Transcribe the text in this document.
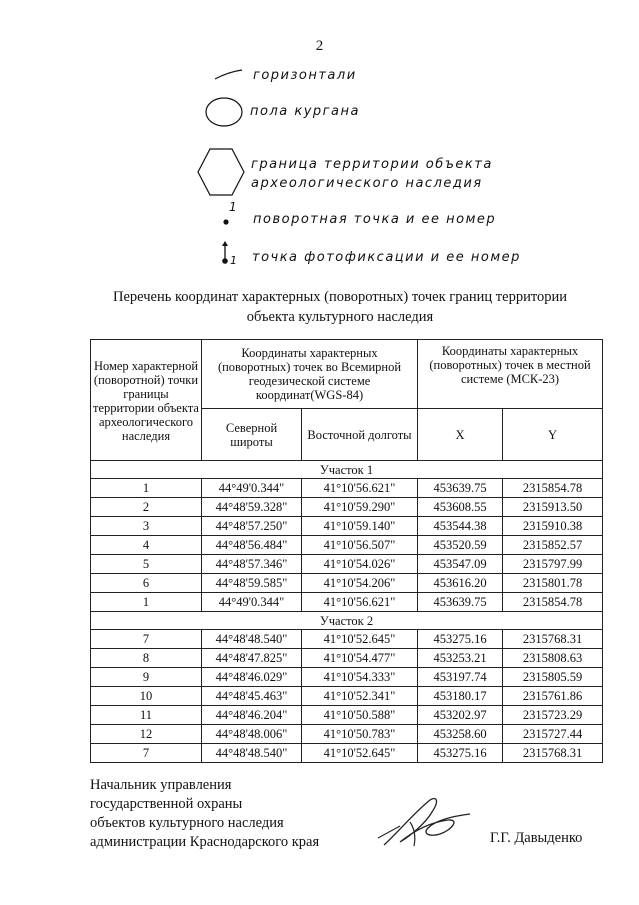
2
горизонтали
пола кургана
граница территории объекта
археологического наследия
1
поворотная точка и ее номер
1 точка фотофиксации и ее номер
Перечень координат характерных (поворотных) точек границ территории
объекта культурного наследия
Номер характерной (поворотной) точки границы территории объекта археологического наследия	Координаты характерных (поворотных) точек во Всемирной геодезической системе координат(WGS-84)		Координаты характерных (поворотных) точек в местной системе (МСК-23)	
	Северной широты	Восточной долготы	X	Y
Участок 1				
1	44°49'0.344"	41°10'56.621"	453639.75	2315854.78
2	44°48'59.328"	41°10'59.290"	453608.55	2315913.50
3	44°48'57.250"	41°10'59.140"	453544.38	2315910.38
4	44°48'56.484"	41°10'56.507"	453520.59	2315852.57
5	44°48'57.346"	41°10'54.026"	453547.09	2315797.99
6	44°48'59.585"	41°10'54.206"	453616.20	2315801.78
1	44°49'0.344"	41°10'56.621"	453639.75	2315854.78
Участок 2				
7	44°48'48.540"	41°10'52.645"	453275.16	2315768.31
8	44°48'47.825"	41°10'54.477"	453253.21	2315808.63
9	44°48'46.029"	41°10'54.333"	453197.74	2315805.59
10	44°48'45.463"	41°10'52.341"	453180.17	2315761.86
11	44°48'46.204"	41°10'50.588"	453202.97	2315723.29
12	44°48'48.006"	41°10'50.783"	453258.60	2315727.44
7	44°48'48.540"	41°10'52.645"	453275.16	2315768.31
Начальник управления
государственной охраны
объектов культурного наследия
администрации Краснодарского края	Г.Г. Давыденко
